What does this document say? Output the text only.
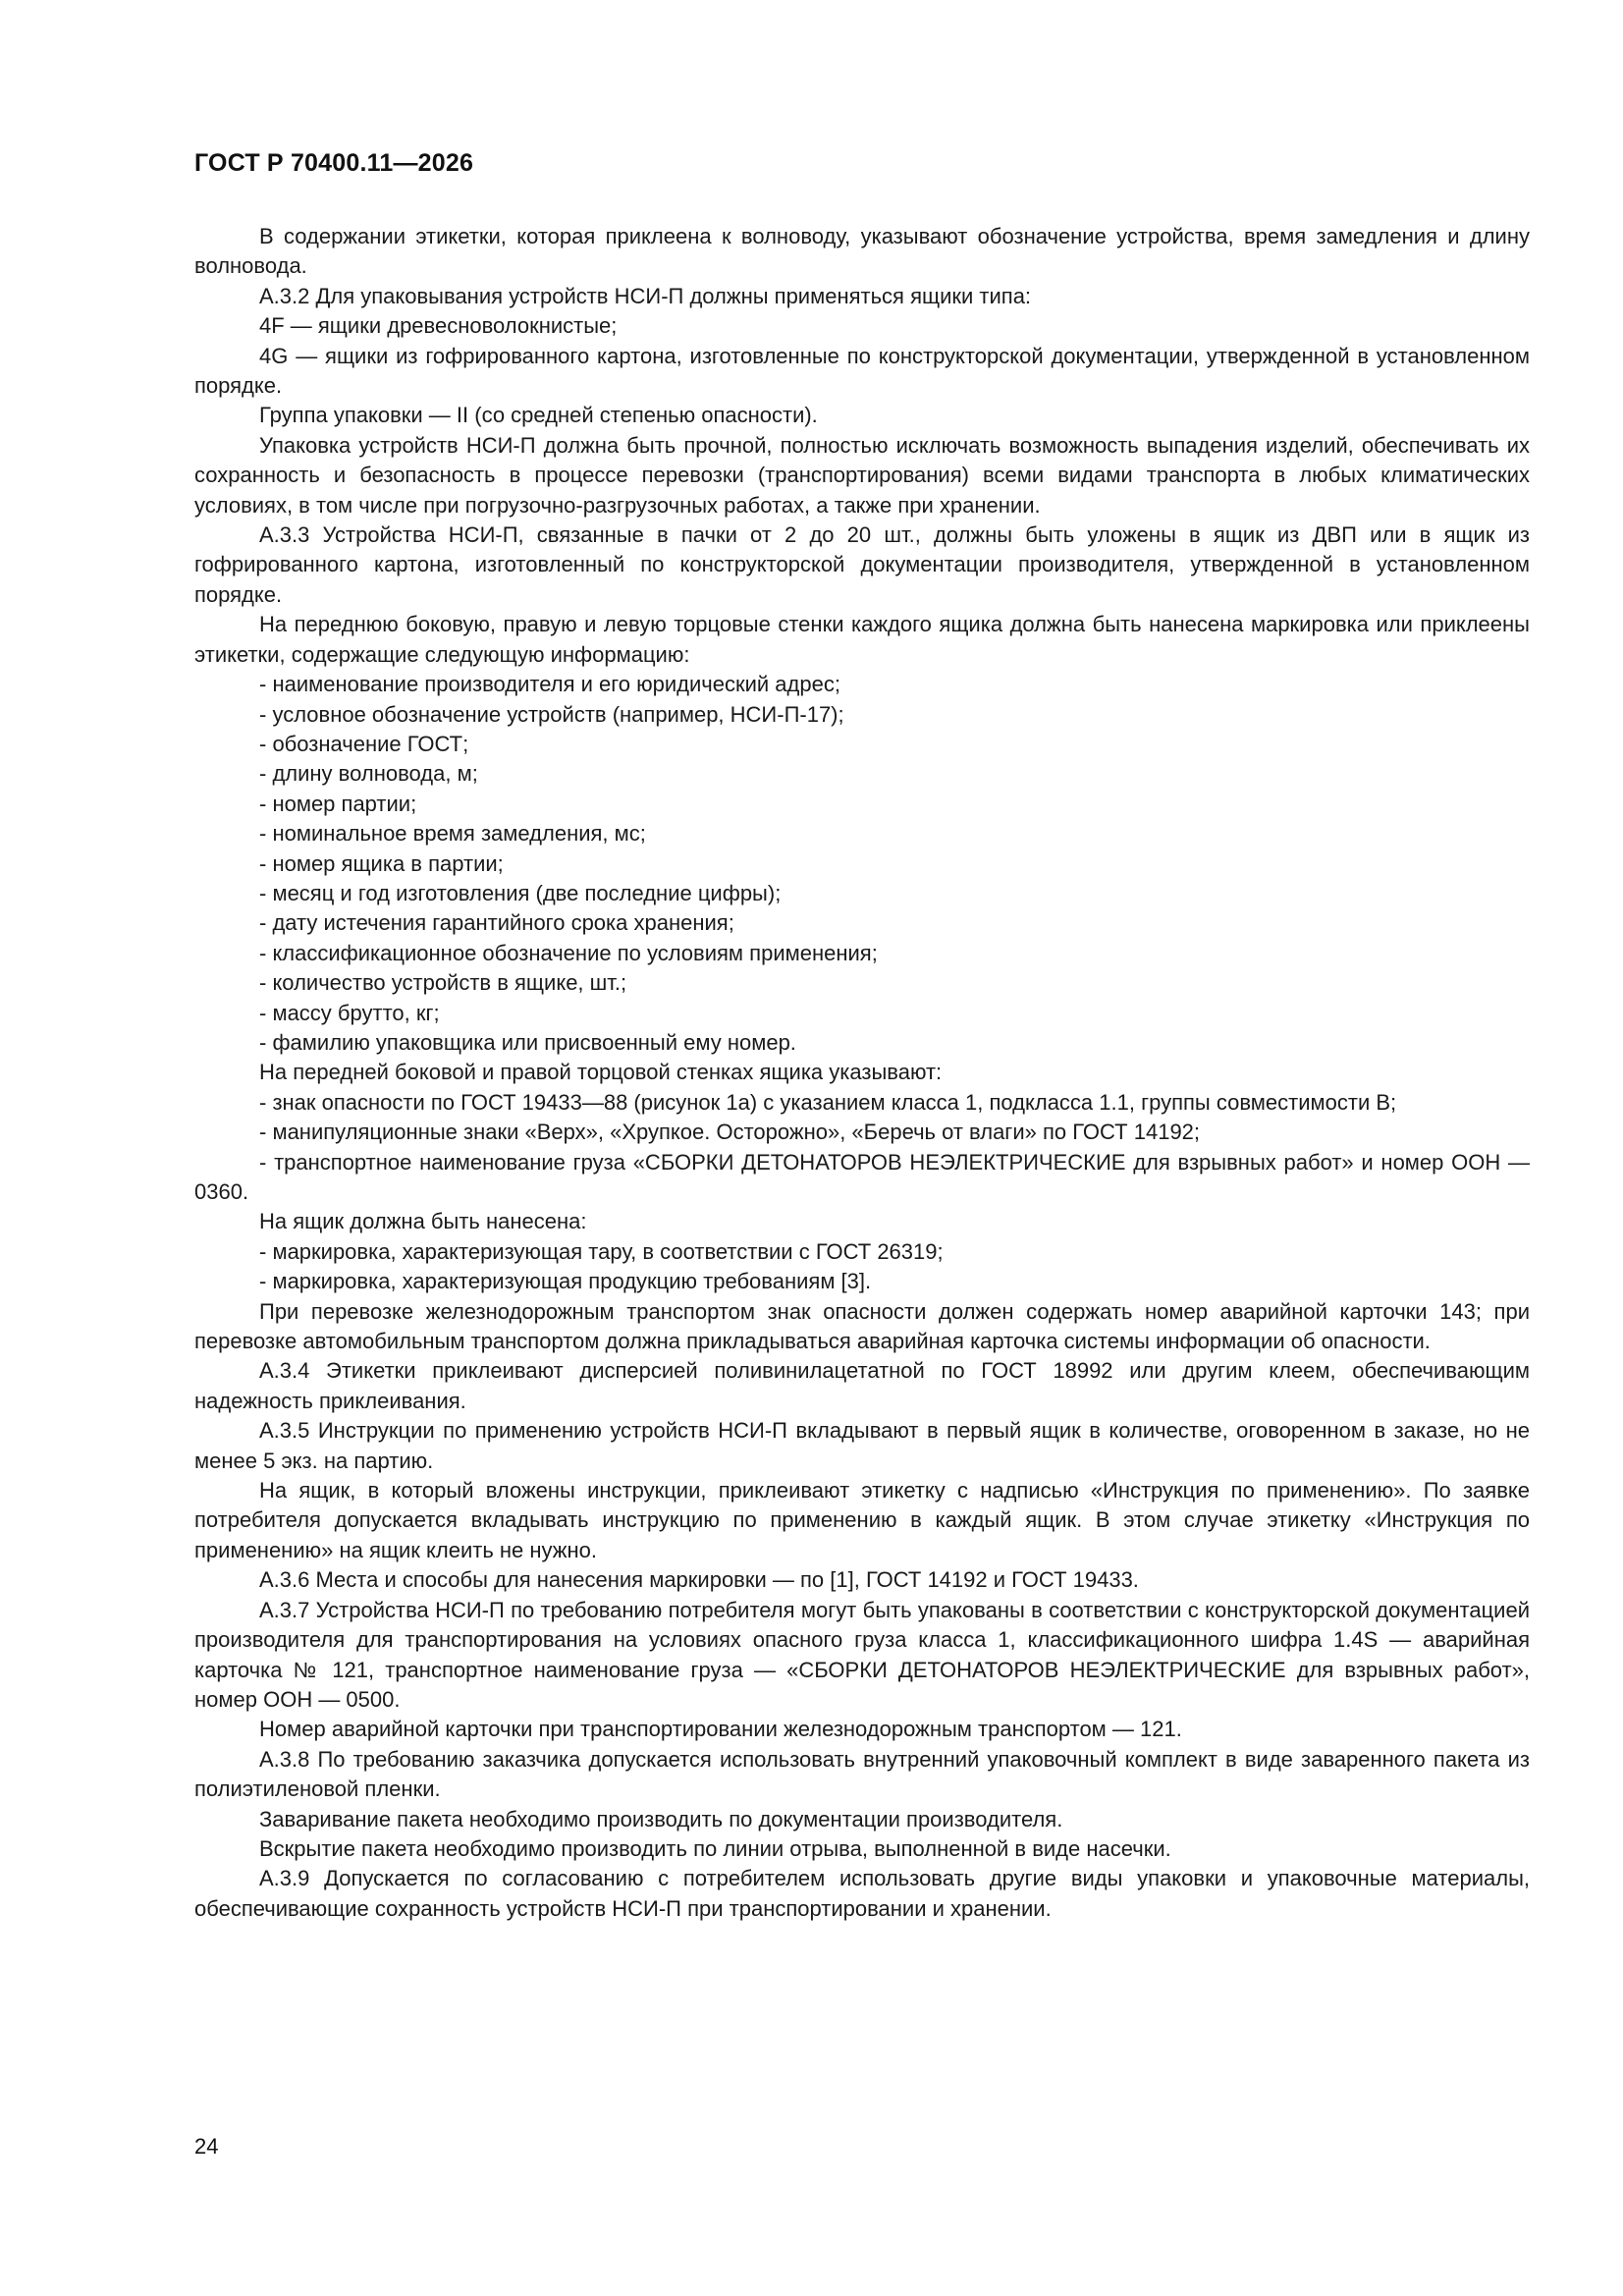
ГОСТ Р 70400.11—2026

В содержании этикетки, которая приклеена к волноводу, указывают обозначение устройства, время замедления и длину волновода.

А.3.2 Для упаковывания устройств НСИ-П должны применяться ящики типа:

4F — ящики древесноволокнистые;

4G — ящики из гофрированного картона, изготовленные по конструкторской документации, утвержденной в установленном порядке.

Группа упаковки — II (со средней степенью опасности).

Упаковка устройств НСИ-П должна быть прочной, полностью исключать возможность выпадения изделий, обеспечивать их сохранность и безопасность в процессе перевозки (транспортирования) всеми видами транспорта в любых климатических условиях, в том числе при погрузочно-разгрузочных работах, а также при хранении.

А.3.3 Устройства НСИ-П, связанные в пачки от 2 до 20 шт., должны быть уложены в ящик из ДВП или в ящик из гофрированного картона, изготовленный по конструкторской документации производителя, утвержденной в установленном порядке.

На переднюю боковую, правую и левую торцовые стенки каждого ящика должна быть нанесена маркировка или приклеены этикетки, содержащие следующую информацию:

- наименование производителя и его юридический адрес;

- условное обозначение устройств (например, НСИ-П-17);

- обозначение ГОСТ;

- длину волновода, м;

- номер партии;

- номинальное время замедления, мс;

- номер ящика в партии;

- месяц и год изготовления (две последние цифры);

- дату истечения гарантийного срока хранения;

- классификационное обозначение по условиям применения;

- количество устройств в ящике, шт.;

- массу брутто, кг;

- фамилию упаковщика или присвоенный ему номер.

На передней боковой и правой торцовой стенках ящика указывают:

- знак опасности по ГОСТ 19433—88 (рисунок 1а) с указанием класса 1, подкласса 1.1, группы совместимости В;

- манипуляционные знаки «Верх», «Хрупкое. Осторожно», «Беречь от влаги» по ГОСТ 14192;

- транспортное наименование груза «СБОРКИ ДЕТОНАТОРОВ НЕЭЛЕКТРИЧЕСКИЕ для взрывных работ» и номер ООН — 0360.

На ящик должна быть нанесена:

- маркировка, характеризующая тару, в соответствии с ГОСТ 26319;

- маркировка, характеризующая продукцию требованиям [3].

При перевозке железнодорожным транспортом знак опасности должен содержать номер аварийной карточки 143; при перевозке автомобильным транспортом должна прикладываться аварийная карточка системы информации об опасности.

А.3.4 Этикетки приклеивают дисперсией поливинилацетатной по ГОСТ 18992 или другим клеем, обеспечивающим надежность приклеивания.

А.3.5 Инструкции по применению устройств НСИ-П вкладывают в первый ящик в количестве, оговоренном в заказе, но не менее 5 экз. на партию.

На ящик, в который вложены инструкции, приклеивают этикетку с надписью «Инструкция по применению». По заявке потребителя допускается вкладывать инструкцию по применению в каждый ящик. В этом случае этикетку «Инструкция по применению» на ящик клеить не нужно.

А.3.6 Места и способы для нанесения маркировки — по [1], ГОСТ 14192 и ГОСТ 19433.

А.3.7 Устройства НСИ-П по требованию потребителя могут быть упакованы в соответствии с конструкторской документацией производителя для транспортирования на условиях опасного груза класса 1, классификационного шифра 1.4S — аварийная карточка № 121, транспортное наименование груза — «СБОРКИ ДЕТОНАТОРОВ НЕЭЛЕКТРИЧЕСКИЕ для взрывных работ», номер ООН — 0500.

Номер аварийной карточки при транспортировании железнодорожным транспортом — 121.

А.3.8 По требованию заказчика допускается использовать внутренний упаковочный комплект в виде заваренного пакета из полиэтиленовой пленки.

Заваривание пакета необходимо производить по документации производителя.

Вскрытие пакета необходимо производить по линии отрыва, выполненной в виде насечки.

А.3.9 Допускается по согласованию с потребителем использовать другие виды упаковки и упаковочные материалы, обеспечивающие сохранность устройств НСИ-П при транспортировании и хранении.

24
